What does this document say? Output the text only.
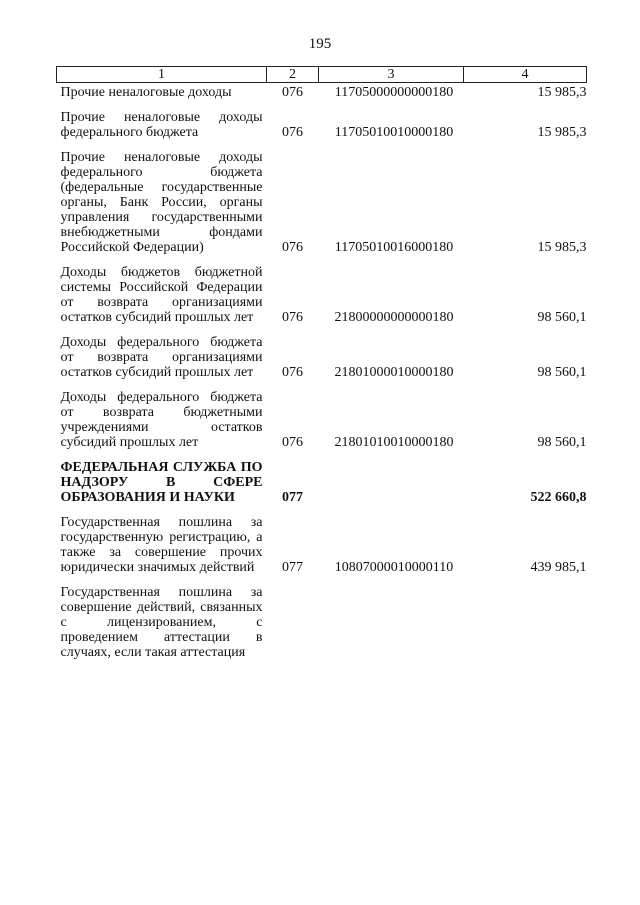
195
1	2	3	4
Прочие неналоговые доходы	076	11705000000000180	15 985,3

Прочие неналоговые доходы федерального бюджета	076	11705010010000180	15 985,3

Прочие неналоговые доходы федерального бюджета (федеральные государственные органы, Банк России, органы управления государственными внебюджетными фондами Российской Федерации)	076	11705010016000180	15 985,3

Доходы бюджетов бюджетной системы Российской Федерации от возврата организациями остатков субсидий прошлых лет	076	21800000000000180	98 560,1

Доходы федерального бюджета от возврата организациями остатков субсидий прошлых лет	076	21801000010000180	98 560,1

Доходы федерального бюджета от возврата бюджетными учреждениями остатков субсидий прошлых лет	076	21801010010000180	98 560,1

ФЕДЕРАЛЬНАЯ СЛУЖБА ПО НАДЗОРУ В СФЕРЕ ОБРАЗОВАНИЯ И НАУКИ	077		522 660,8

Государственная пошлина за государственную регистрацию, а также за совершение прочих юридически значимых действий	077	10807000010000110	439 985,1

Государственная пошлина за совершение действий, связанных с лицензированием, с проведением аттестации в случаях, если такая аттестация			
